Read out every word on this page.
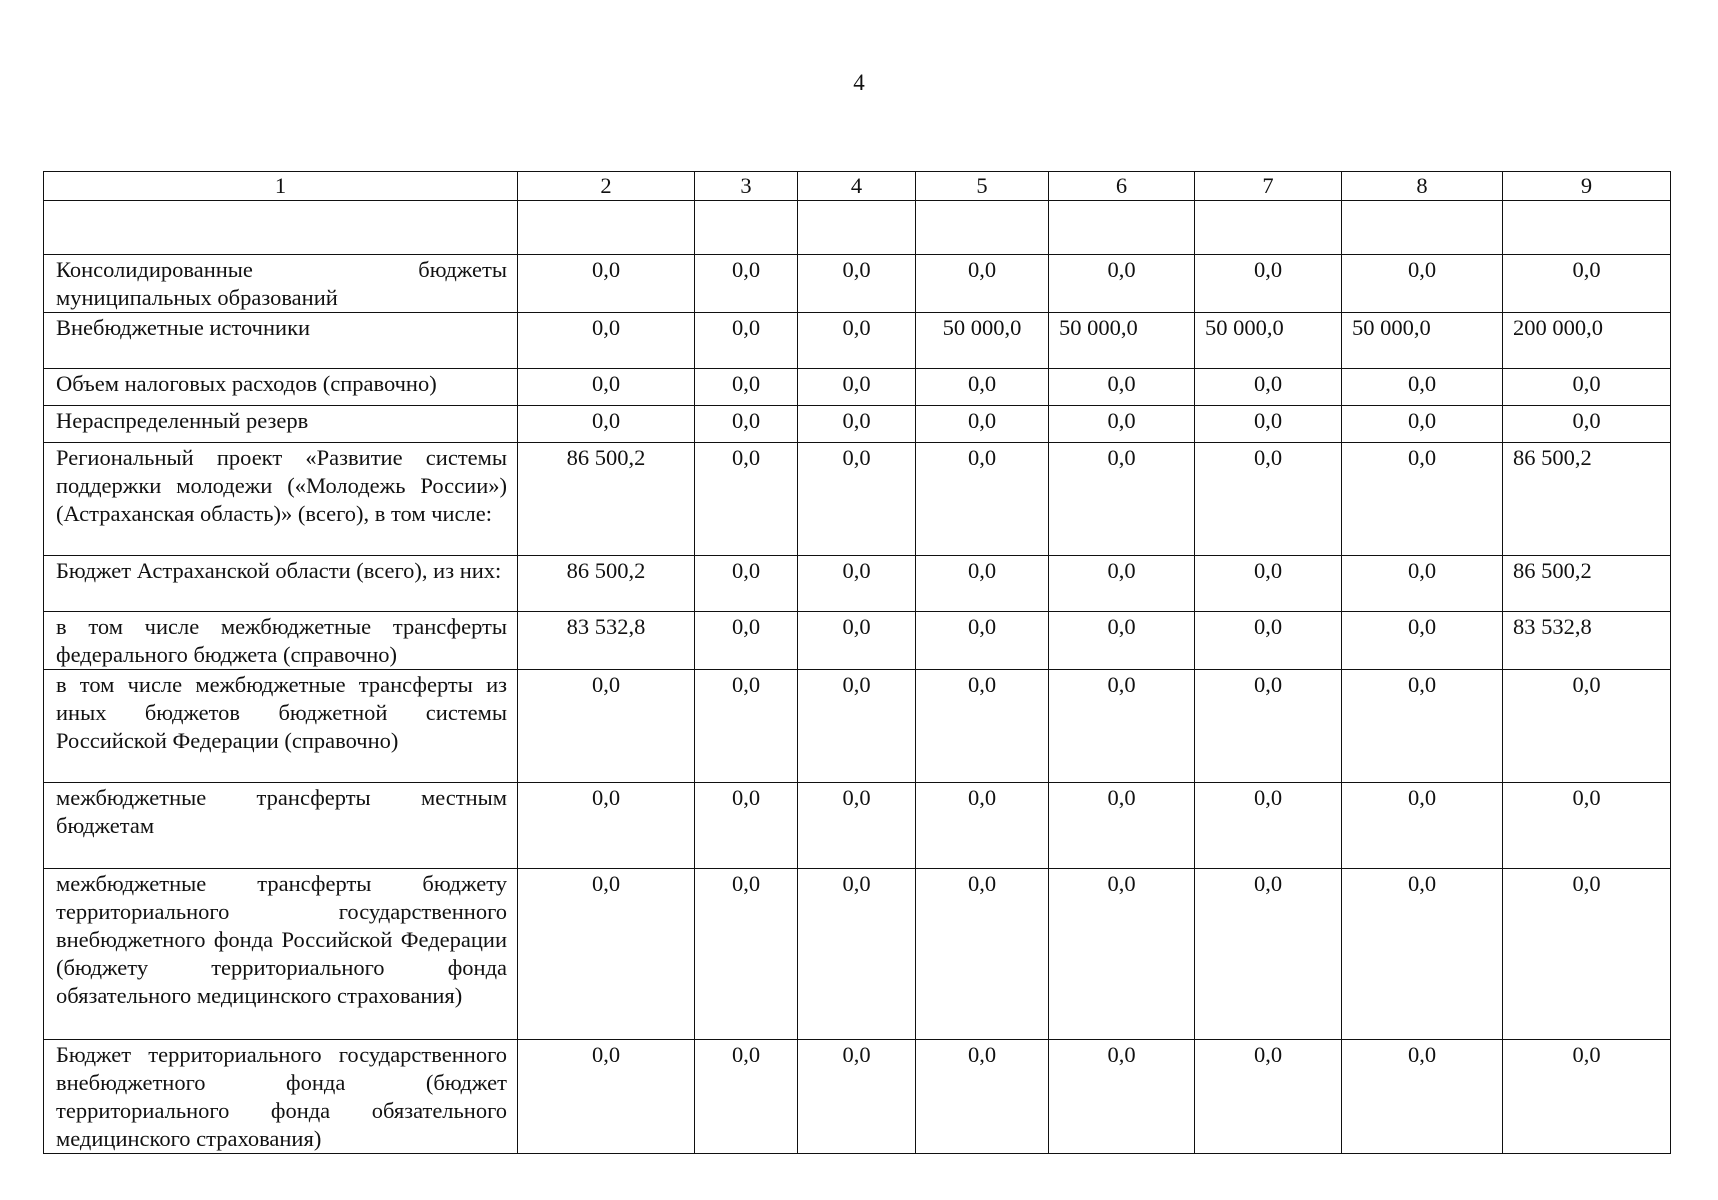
4
1	2	3	4	5	6	7	8	9

Консолидированные бюджеты муниципальных образований	0,0	0,0	0,0	0,0	0,0	0,0	0,0	0,0
Внебюджетные источники	0,0	0,0	0,0	50 000,0	50 000,0	50 000,0	50 000,0	200 000,0
Объем налоговых расходов (справочно)	0,0	0,0	0,0	0,0	0,0	0,0	0,0	0,0
Нераспределенный резерв	0,0	0,0	0,0	0,0	0,0	0,0	0,0	0,0
Региональный проект «Развитие системы поддержки молодежи («Молодежь России») (Астраханская область)» (всего), в том числе:	86 500,2	0,0	0,0	0,0	0,0	0,0	0,0	86 500,2
Бюджет Астраханской области (всего), из них:	86 500,2	0,0	0,0	0,0	0,0	0,0	0,0	86 500,2
в том числе межбюджетные трансферты федерального бюджета (справочно)	83 532,8	0,0	0,0	0,0	0,0	0,0	0,0	83 532,8
в том числе межбюджетные трансферты из иных бюджетов бюджетной системы Российской Федерации (справочно)	0,0	0,0	0,0	0,0	0,0	0,0	0,0	0,0
межбюджетные трансферты местным бюджетам	0,0	0,0	0,0	0,0	0,0	0,0	0,0	0,0
межбюджетные трансферты бюджету территориального государственного внебюджетного фонда Российской Федерации (бюджету территориального фонда обязательного медицинского страхования)	0,0	0,0	0,0	0,0	0,0	0,0	0,0	0,0
Бюджет территориального государственного внебюджетного фонда (бюджет территориального фонда обязательного медицинского страхования)	0,0	0,0	0,0	0,0	0,0	0,0	0,0	0,0
